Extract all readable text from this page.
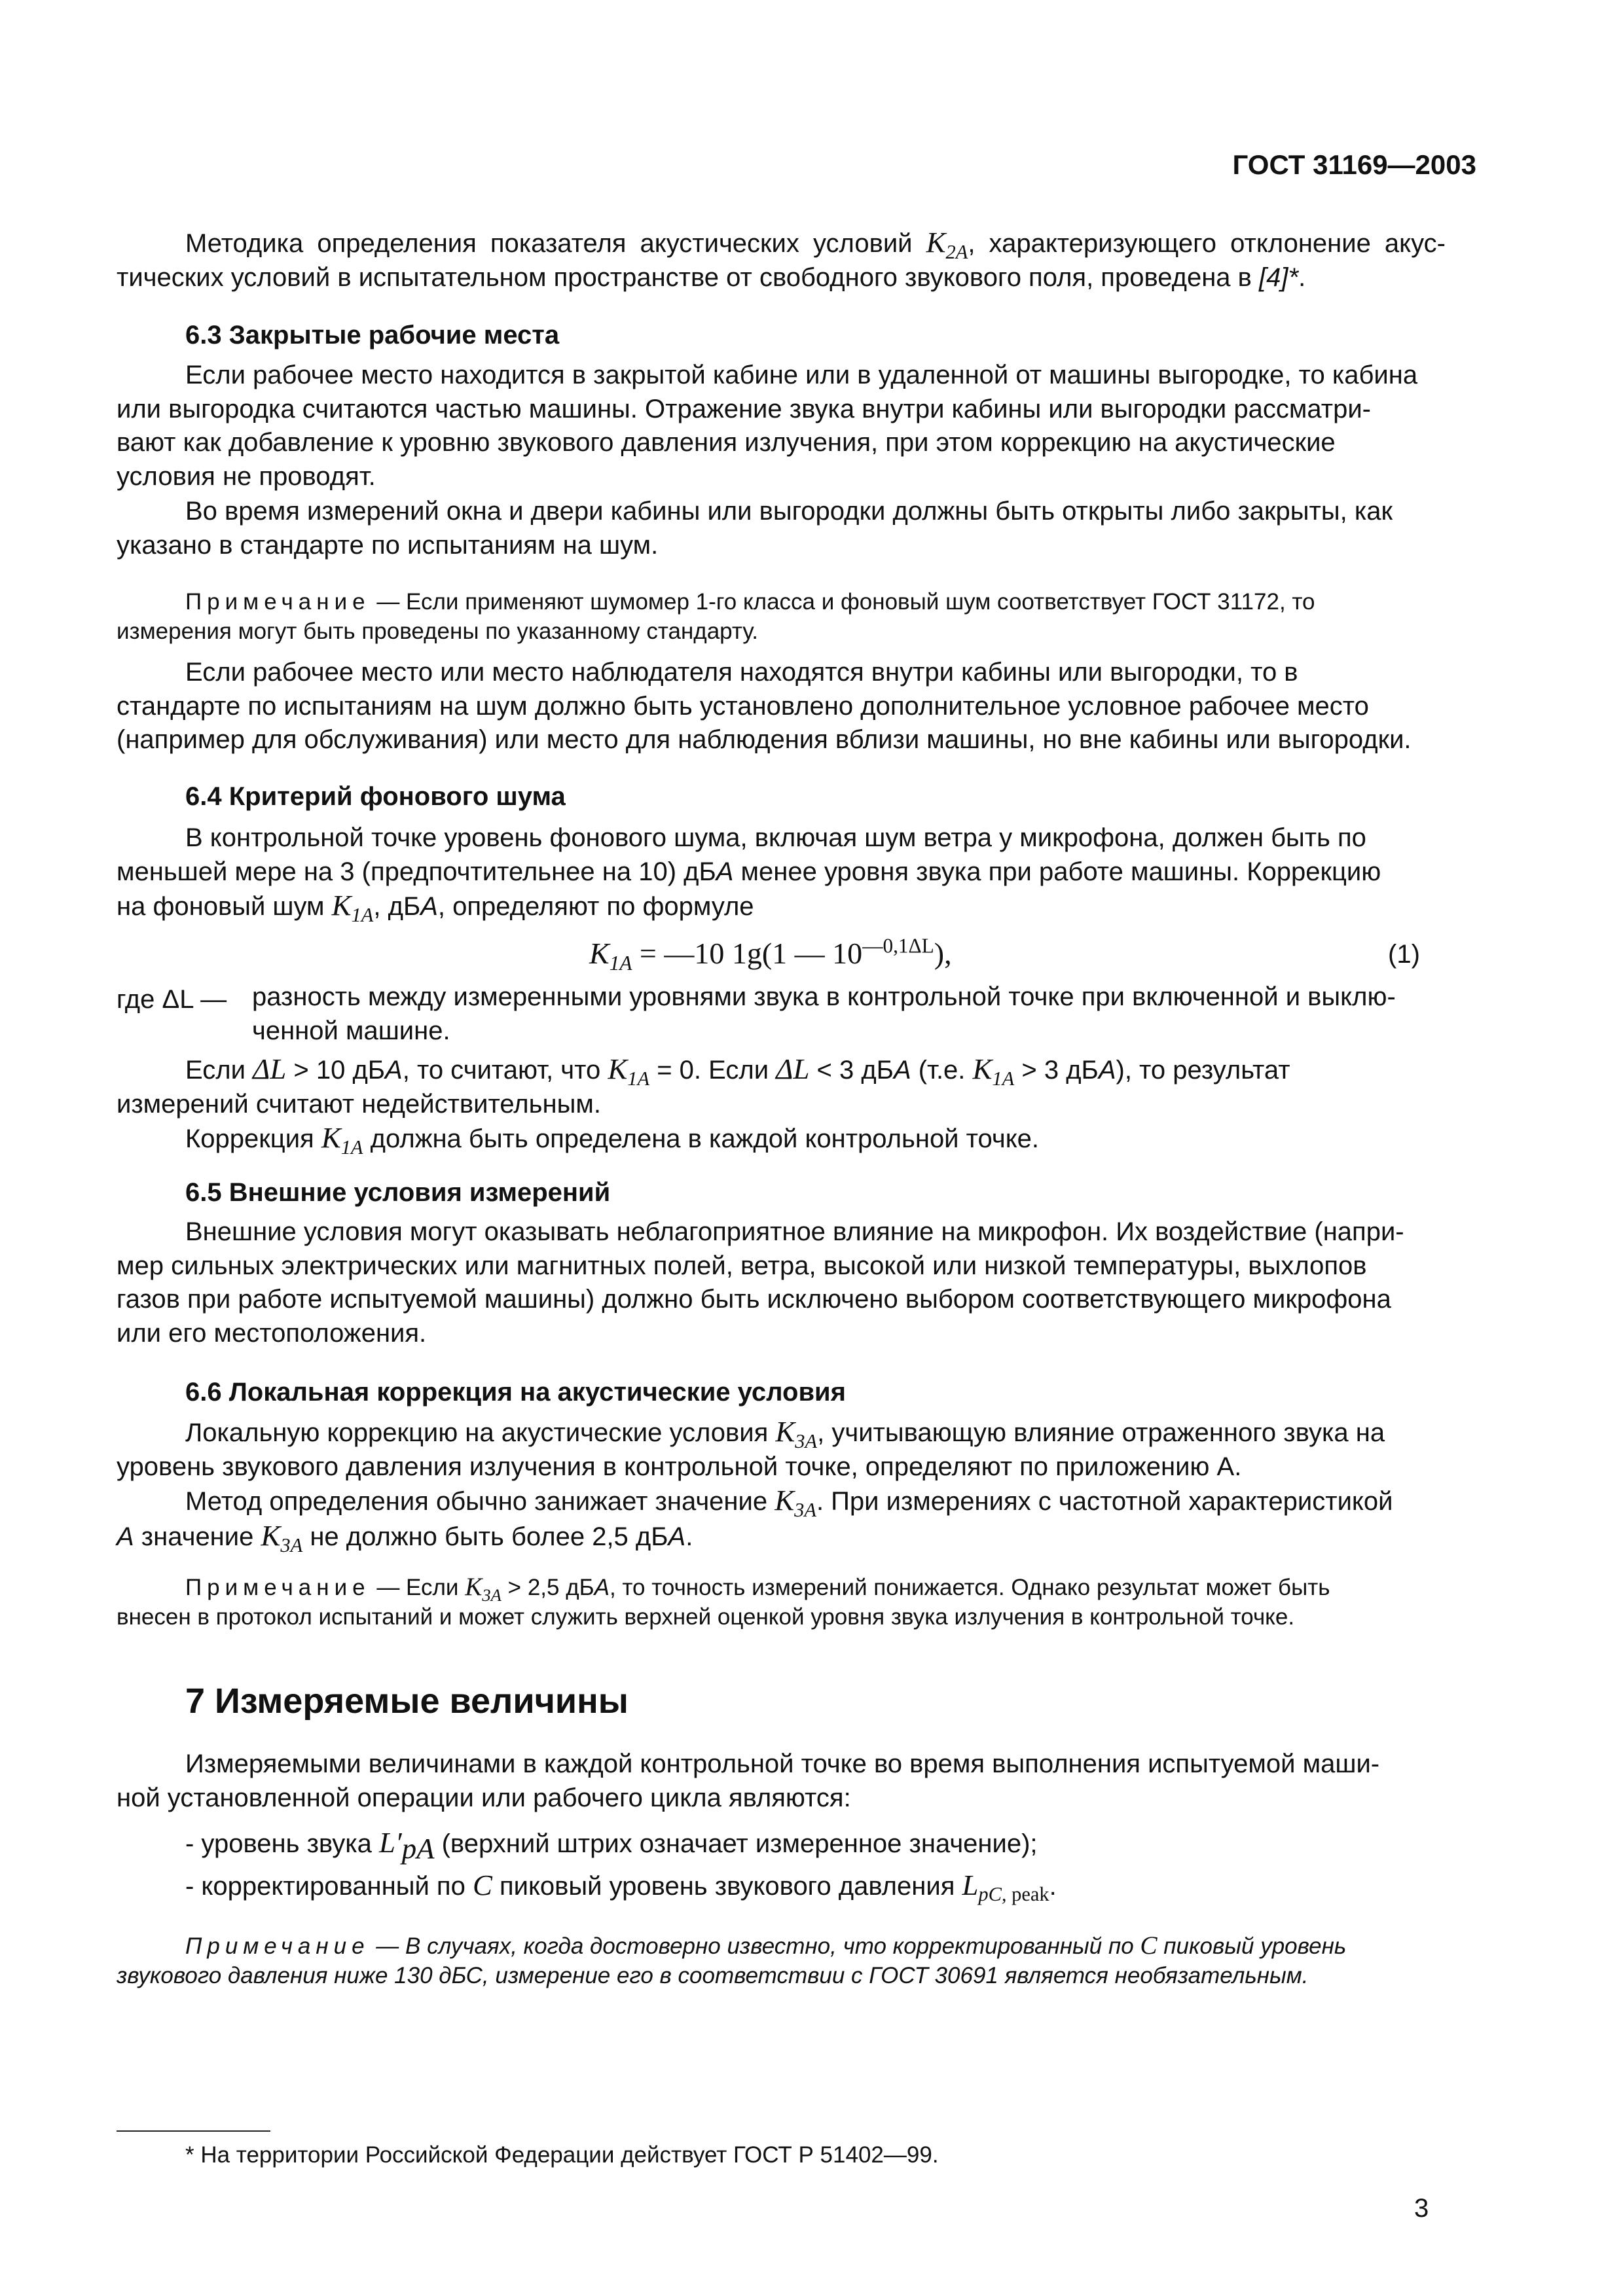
ГОСТ 31169—2003
Методика определения показателя акустических условий $K_{2A}$, характеризующего отклонение акус- тических условий в испытательном пространстве от свободного звукового поля, проведена в [4]*.
6.3 Закрытые рабочие места
Если рабочее место находится в закрытой кабине или в удаленной от машины выгородке, то кабина
или выгородка считаются частью машины. Отражение звука внутри кабины или выгородки рассматри-
вают как добавление к уровню звукового давления излучения, при этом коррекцию на акустические
условия не проводят.
Во время измерений окна и двери кабины или выгородки должны быть открыты либо закрыты, как
указано в стандарте по испытаниям на шум.
Примечание — Если применяют шумомер 1-го класса и фоновый шум соответствует ГОСТ 31172, то
измерения могут быть проведены по указанному стандарту.
Если рабочее место или место наблюдателя находятся внутри кабины или выгородки, то в
стандарте по испытаниям на шум должно быть установлено дополнительное условное рабочее место
(например для обслуживания) или место для наблюдения вблизи машины, но вне кабины или выгородки.
6.4 Критерий фонового шума
В контрольной точке уровень фонового шума, включая шум ветра у микрофона, должен быть по
меньшей мере на 3 (предпочтительнее на 10) дБA менее уровня звука при работе машины. Коррекцию
на фоновый шум $K_{1A}$, дБA, определяют по формуле
$K_{1A}$ = —10 1g(1 — $10^{—0,1\Delta L}$),	(1)
где ΔL — разность между измеренными уровнями звука в контрольной точке при включенной и выклю-
ченной машине.
Если ΔL > 10 дБA, то считают, что $K_{1A} = 0$. Если ΔL < 3 дБA (т.е. $K_{1A} > 3$ дБA), то результат
измерений считают недействительным.
Коррекция $K_{1A}$ должна быть определена в каждой контрольной точке.
6.5 Внешние условия измерений
Внешние условия могут оказывать неблагоприятное влияние на микрофон. Их воздействие (напри-
мер сильных электрических или магнитных полей, ветра, высокой или низкой температуры, выхлопов
газов при работе испытуемой машины) должно быть исключено выбором соответствующего микрофона
или его местоположения.
6.6 Локальная коррекция на акустические условия
Локальную коррекцию на акустические условия $K_{3A}$, учитывающую влияние отраженного звука на
уровень звукового давления излучения в контрольной точке, определяют по приложению А.
Метод определения обычно занижает значение $K_{3A}$. При измерениях с частотной характеристикой
A значение $K_{3A}$ не должно быть более 2,5 дБA.
Примечание — Если $K_{3A} > 2,5$ дБA, то точность измерений понижается. Однако результат может быть
внесен в протокол испытаний и может служить верхней оценкой уровня звука излучения в контрольной точке.
7 Измеряемые величины
Измеряемыми величинами в каждой контрольной точке во время выполнения испытуемой маши-
ной установленной операции или рабочего цикла являются:
- уровень звука $L'_{pA}$ (верхний штрих означает измеренное значение);
- корректированный по C пиковый уровень звукового давления $L_{pC, peak}$.
Примечание — В случаях, когда достоверно известно, что корректированный по C пиковый уровень
звукового давления ниже 130 дБС, измерение его в соответствии с ГОСТ 30691 является необязательным.
* На территории Российской Федерации действует ГОСТ Р 51402—99.
3
